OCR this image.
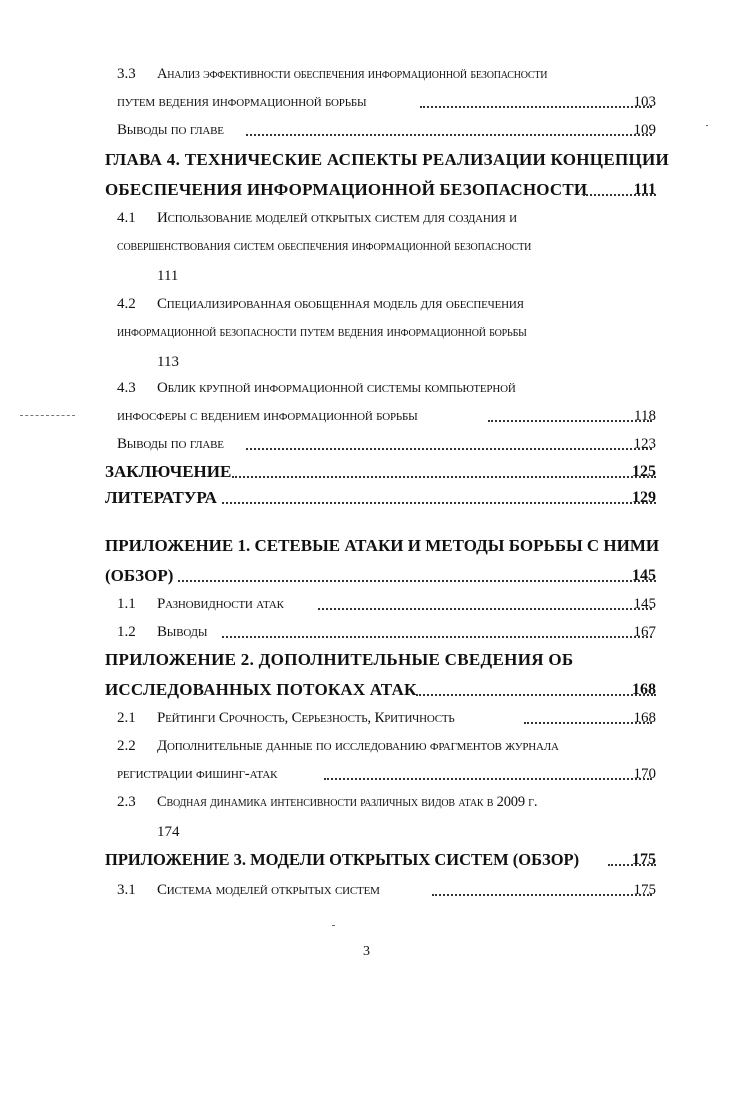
3.3 Анализ эффективности обеспечения информационной безопасности
путем ведения информационной борьбы	103
Выводы по главе	109
ГЛАВА 4. ТЕХНИЧЕСКИЕ АСПЕКТЫ РЕАЛИЗАЦИИ КОНЦЕПЦИИ
ОБЕСПЕЧЕНИЯ ИНФОРМАЦИОННОЙ БЕЗОПАСНОСТИ	111
4.1 Использование моделей открытых систем для создания и
совершенствования систем обеспечения информационной безопасности
111
4.2 Специализированная обобщенная модель для обеспечения
информационной безопасности путем ведения информационной борьбы
113
4.3 Облик крупной информационной системы компьютерной
инфосферы с ведением информационной борьбы	118
Выводы по главе	123
ЗАКЛЮЧЕНИЕ	125
ЛИТЕРАТУРА	129
ПРИЛОЖЕНИЕ 1. СЕТЕВЫЕ АТАКИ И МЕТОДЫ БОРЬБЫ С НИМИ
(ОБЗОР)	145
1.1 Разновидности атак	145
1.2 Выводы	167
ПРИЛОЖЕНИЕ 2. ДОПОЛНИТЕЛЬНЫЕ СВЕДЕНИЯ ОБ
ИССЛЕДОВАННЫХ ПОТОКАХ АТАК	168
2.1 Рейтинги Срочность, Серьезность, Критичность	168
2.2 Дополнительные данные по исследованию фрагментов журнала
регистрации фишинг-атак	170
2.3 Сводная динамика интенсивности различных видов атак в 2009 г.
174
ПРИЛОЖЕНИЕ 3. МОДЕЛИ ОТКРЫТЫХ СИСТЕМ (ОБЗОР)	175
3.1 Система моделей открытых систем	175
3
